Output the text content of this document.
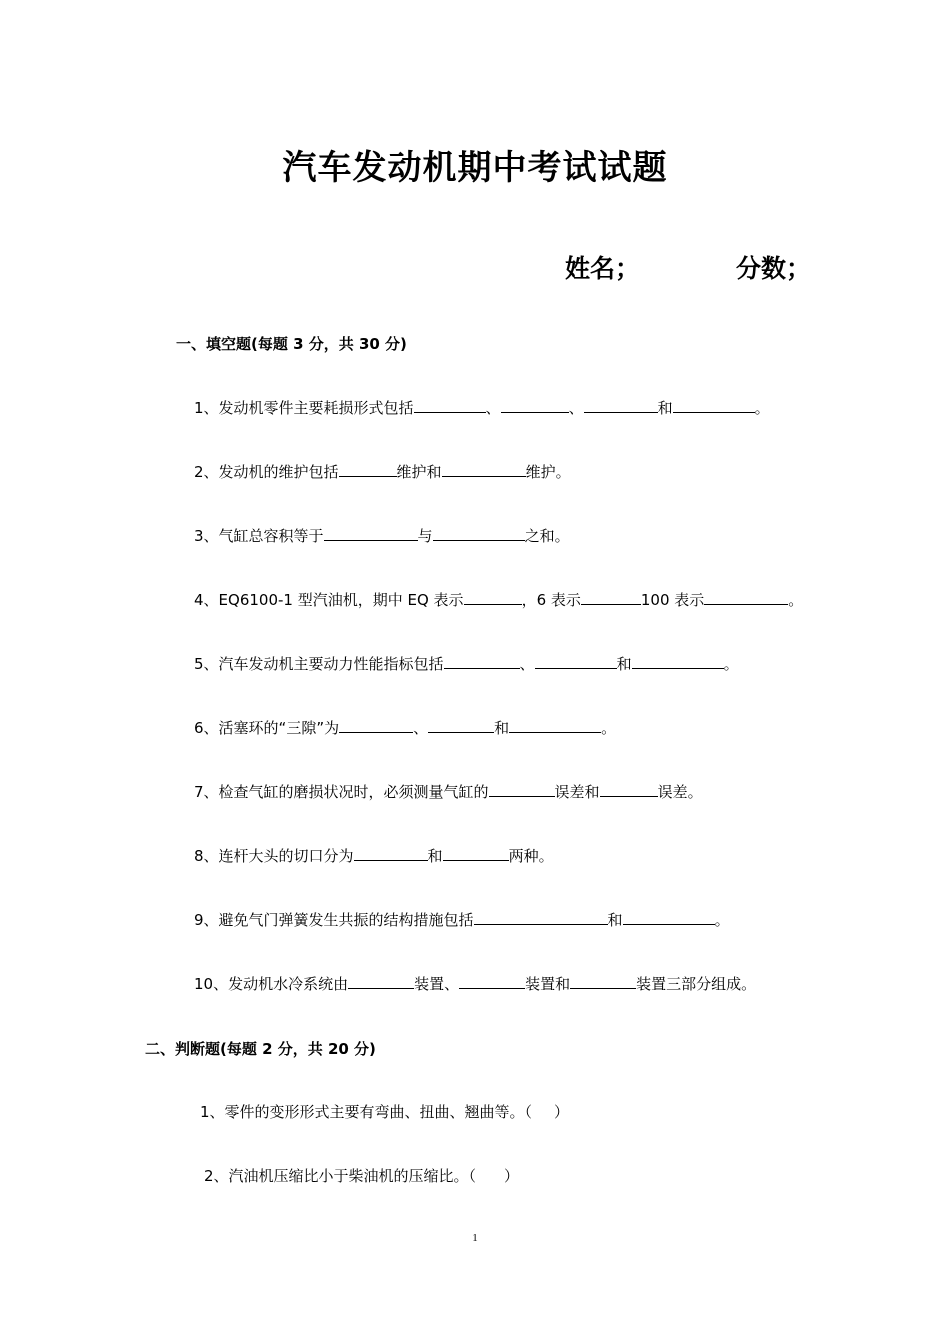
汽车发动机期中考试试题
姓名；	分数；
一、填空题(每题 3 分，共 30 分)
1、发动机零件主要耗损形式包括	、	、	和	。
2、发动机的维护包括	维护和	维护。
3、气缸总容积等于	与	之和。
4、EQ6100-1 型汽油机，期中 EQ 表示	，6 表示	100 表示	。
5、汽车发动机主要动力性能指标包括	、	和	。
6、活塞环的“三隙”为	、	和	。
7、检查气缸的磨损状况时，必须测量气缸的	误差和	误差。
8、连杆大头的切口分为	和	两种。
9、避免气门弹簧发生共振的结构措施包括	和	。
10、发动机水冷系统由	装置、	装置和	装置三部分组成。
二、判断题(每题 2 分，共 20 分)
1、零件的变形形式主要有弯曲、扭曲、翘曲等。（ ）
2、汽油机压缩比小于柴油机的压缩比。（ ）
1
